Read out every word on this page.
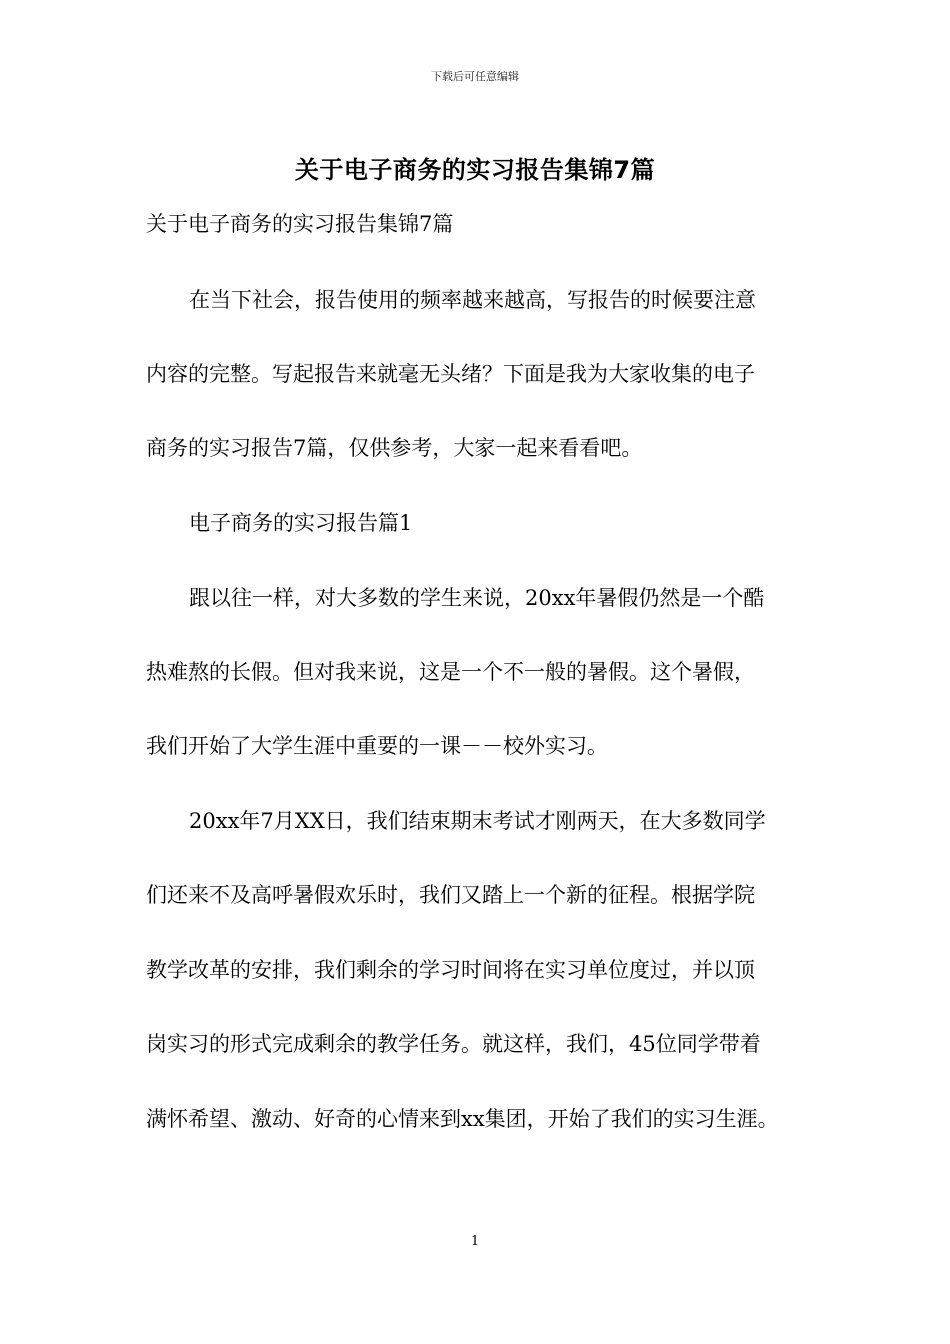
下载后可任意编辑
关于电子商务的实习报告集锦7篇
关于电子商务的实习报告集锦7篇
在当下社会，报告使用的频率越来越高，写报告的时候要注意
内容的完整。写起报告来就毫无头绪？下面是我为大家收集的电子
商务的实习报告7篇，仅供参考，大家一起来看看吧。
电子商务的实习报告篇1
跟以往一样，对大多数的学生来说，20xx年暑假仍然是一个酷
热难熬的长假。但对我来说，这是一个不一般的暑假。这个暑假，
我们开始了大学生涯中重要的一课－－校外实习。
20xx年7月XX日，我们结束期末考试才刚两天，在大多数同学
们还来不及高呼暑假欢乐时，我们又踏上一个新的征程。根据学院
教学改革的安排，我们剩余的学习时间将在实习单位度过，并以顶
岗实习的形式完成剩余的教学任务。就这样，我们，45位同学带着
满怀希望、激动、好奇的心情来到xx集团，开始了我们的实习生涯。
1
